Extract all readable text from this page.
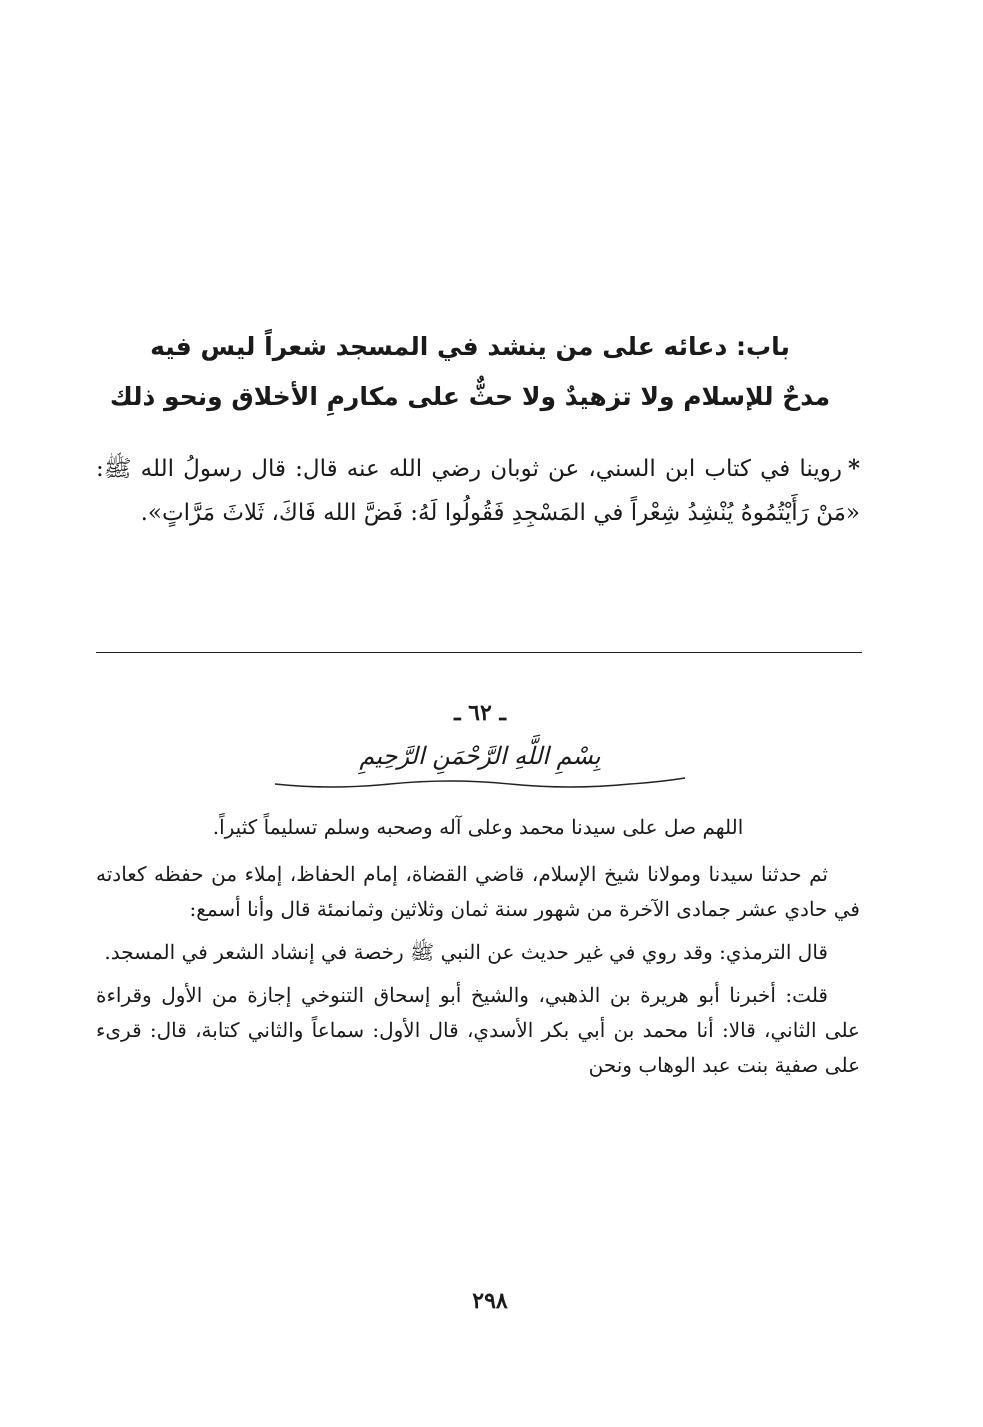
باب: دعائه على من ينشد في المسجد شعراً ليس فيه
مدحٌ للإسلام ولا تزهيدٌ ولا حثٌّ على مكارمِ الأخلاق ونحو ذلك
*روينا في كتاب ابن السني، عن ثوبان رضي الله عنه قال: قال رسولُ الله ﷺ: «مَنْ رَأَيْتُمُوهُ يُنْشِدُ شِعْراً في المَسْجِدِ فَقُولُوا لَهُ: فَضَّ الله فَاكَ، ثَلاثَ مَرَّاتٍ».
ـ ٦٢ ـ
بِسْمِ اللَّهِ الرَّحْمَنِ الرَّحِيمِ

اللهم صل على سيدنا محمد وعلى آله وصحبه وسلم تسليماً كثيراً.

ثم حدثنا سيدنا ومولانا شيخ الإسلام، قاضي القضاة، إمام الحفاظ، إملاء من حفظه كعادته في حادي عشر جمادى الآخرة من شهور سنة ثمان وثلاثين وثمانمئة قال وأنا أسمع:

قال الترمذي: وقد روي في غير حديث عن النبي ﷺ رخصة في إنشاد الشعر في المسجد.

قلت: أخبرنا أبو هريرة بن الذهبي، والشيخ أبو إسحاق التنوخي إجازة من الأول وقراءة على الثاني، قالا: أنا محمد بن أبي بكر الأسدي، قال الأول: سماعاً والثاني كتابة، قال: قرىء على صفية بنت عبد الوهاب ونحن

٢٩٨
